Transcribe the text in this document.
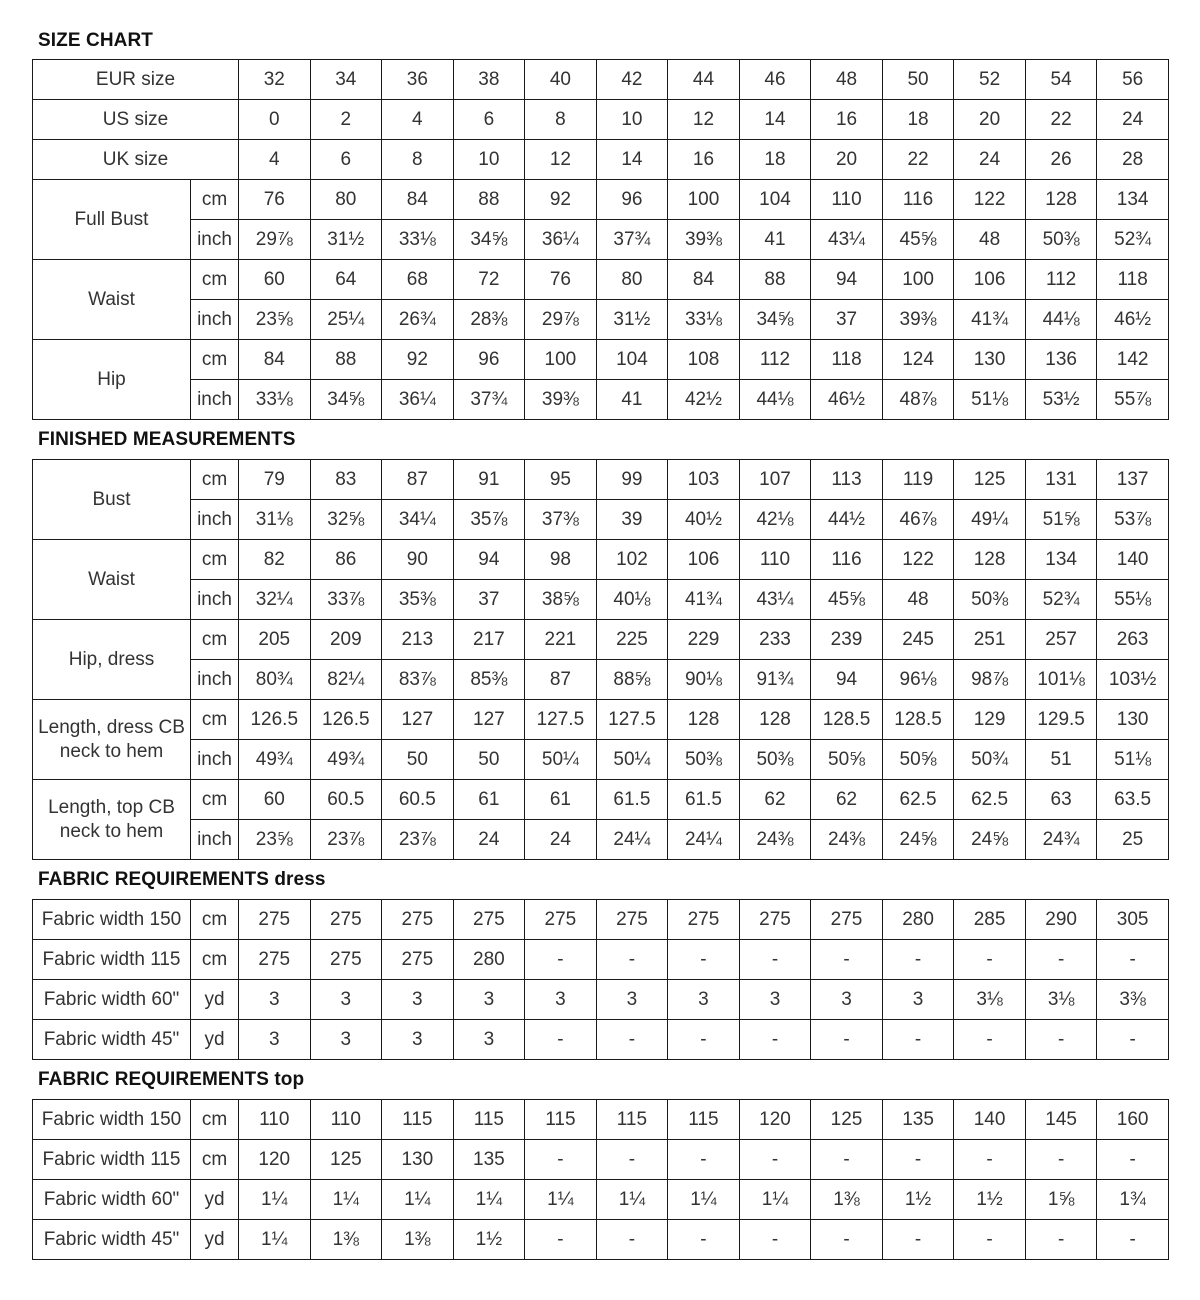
SIZE CHART
EUR size		32	34	36	38	40	42	44	46	48	50	52	54	56
US size		0	2	4	6	8	10	12	14	16	18	20	22	24
UK size		4	6	8	10	12	14	16	18	20	22	24	26	28
Full Bust	cm	76	80	84	88	92	96	100	104	110	116	122	128	134
	inch	29⅞	31½	33⅛	34⅝	36¼	37¾	39⅜	41	43¼	45⅝	48	50⅜	52¾
Waist	cm	60	64	68	72	76	80	84	88	94	100	106	112	118
	inch	23⅝	25¼	26¾	28⅜	29⅞	31½	33⅛	34⅝	37	39⅜	41¾	44⅛	46½
Hip	cm	84	88	92	96	100	104	108	112	118	124	130	136	142
	inch	33⅛	34⅝	36¼	37¾	39⅜	41	42½	44⅛	46½	48⅞	51⅛	53½	55⅞
FINISHED MEASUREMENTS
Bust	cm	79	83	87	91	95	99	103	107	113	119	125	131	137
	inch	31⅛	32⅝	34¼	35⅞	37⅜	39	40½	42⅛	44½	46⅞	49¼	51⅝	53⅞
Waist	cm	82	86	90	94	98	102	106	110	116	122	128	134	140
	inch	32¼	33⅞	35⅜	37	38⅝	40⅛	41¾	43¼	45⅝	48	50⅜	52¾	55⅛
Hip, dress	cm	205	209	213	217	221	225	229	233	239	245	251	257	263
	inch	80¾	82¼	83⅞	85⅜	87	88⅝	90⅛	91¾	94	96⅛	98⅞	101⅛	103½
Length, dress CB neck to hem	cm	126.5	126.5	127	127	127.5	127.5	128	128	128.5	128.5	129	129.5	130
	inch	49¾	49¾	50	50	50¼	50¼	50⅜	50⅜	50⅝	50⅝	50¾	51	51⅛
Length, top CB neck to hem	cm	60	60.5	60.5	61	61	61.5	61.5	62	62	62.5	62.5	63	63.5
	inch	23⅝	23⅞	23⅞	24	24	24¼	24¼	24⅜	24⅜	24⅝	24⅝	24¾	25
FABRIC REQUIREMENTS dress
Fabric width 150	cm	275	275	275	275	275	275	275	275	275	280	285	290	305
Fabric width 115	cm	275	275	275	280	-	-	-	-	-	-	-	-	-
Fabric width 60"	yd	3	3	3	3	3	3	3	3	3	3	3⅛	3⅛	3⅜
Fabric width 45"	yd	3	3	3	3	-	-	-	-	-	-	-	-	-
FABRIC REQUIREMENTS top
Fabric width 150	cm	110	110	115	115	115	115	115	120	125	135	140	145	160
Fabric width 115	cm	120	125	130	135	-	-	-	-	-	-	-	-	-
Fabric width 60"	yd	1¼	1¼	1¼	1¼	1¼	1¼	1¼	1¼	1⅜	1½	1½	1⅝	1¾
Fabric width 45"	yd	1¼	1⅜	1⅜	1½	-	-	-	-	-	-	-	-	-
